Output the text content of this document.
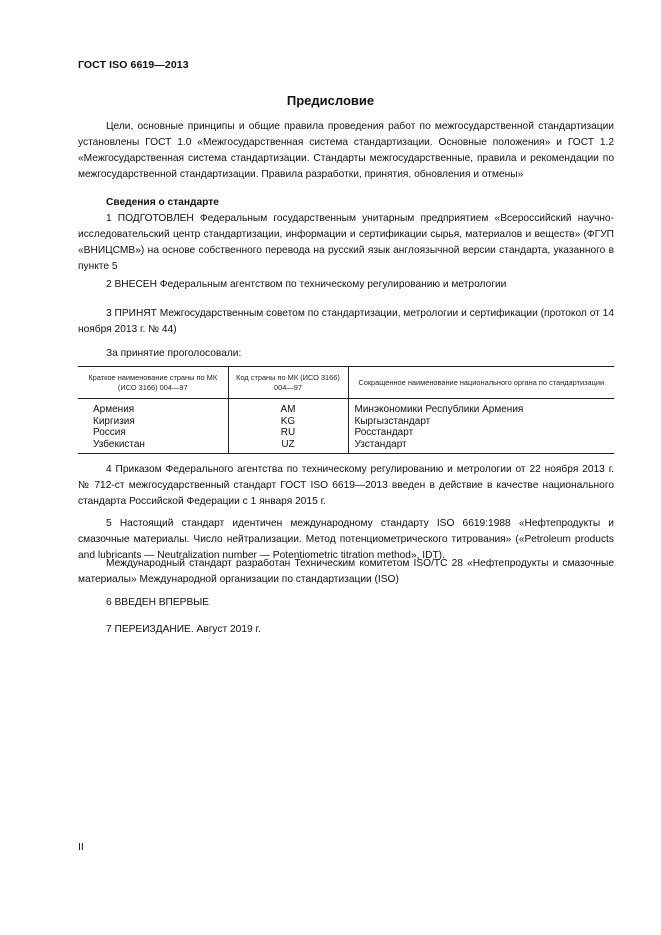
ГОСТ ISO 6619—2013
Предисловие
Цели, основные принципы и общие правила проведения работ по межгосударственной стандартизации установлены ГОСТ 1.0 «Межгосударственная система стандартизации. Основные положения» и ГОСТ 1.2 «Межгосударственная система стандартизации. Стандарты межгосударственные, правила и рекомендации по межгосударственной стандартизации. Правила разработки, принятия, обновления и отмены»
Сведения о стандарте
1 ПОДГОТОВЛЕН Федеральным государственным унитарным предприятием «Всероссийский научно-исследовательский центр стандартизации, информации и сертификации сырья, материалов и веществ» (ФГУП «ВНИЦСМВ») на основе собственного перевода на русский язык англоязычной версии стандарта, указанного в пункте 5
2 ВНЕСЕН Федеральным агентством по техническому регулированию и метрологии
3 ПРИНЯТ Межгосударственным советом по стандартизации, метрологии и сертификации (протокол от 14 ноября 2013 г. № 44)
За принятие проголосовали:
Краткое наименование страны по МК (ИСО 3166) 004—97	Код страны по МК (ИСО 3166) 004—97	Сокращенное наименование национального органа по стандартизации
Армения	AM	Минэкономики Республики Армения
Киргизия	KG	Кыргызстандарт
Россия	RU	Росстандарт
Узбекистан	UZ	Узстандарт
4 Приказом Федерального агентства по техническому регулированию и метрологии от 22 ноября 2013 г. № 712-ст межгосударственный стандарт ГОСТ ISO 6619—2013 введен в действие в качестве национального стандарта Российской Федерации с 1 января 2015 г.
5 Настоящий стандарт идентичен международному стандарту ISO 6619:1988 «Нефтепродукты и смазочные материалы. Число нейтрализации. Метод потенциометрического титрования» («Petroleum products and lubricants — Neutralization number — Potentiometric titration method», IDT).
Международный стандарт разработан Техническим комитетом ISO/TC 28 «Нефтепродукты и смазочные материалы» Международной организации по стандартизации (ISO)
6 ВВЕДЕН ВПЕРВЫЕ
7 ПЕРЕИЗДАНИЕ. Август 2019 г.
II
